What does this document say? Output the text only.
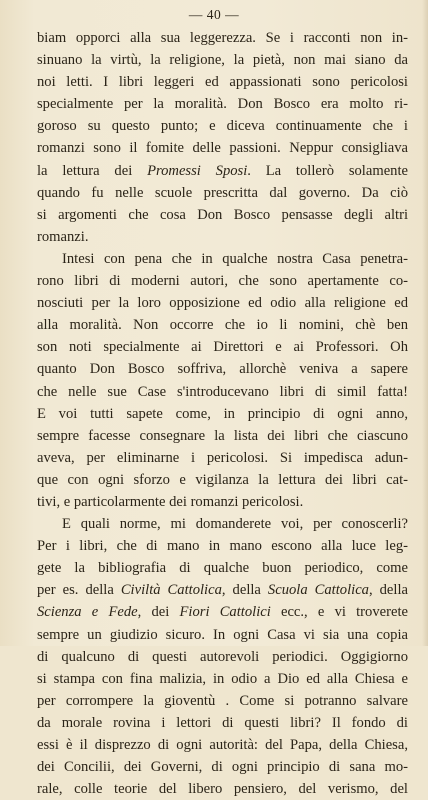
— 40 —
biam opporci alla sua leggerezza. Se i racconti non in-
sinuano la virtù, la religione, la pietà, non mai siano da
noi letti. I libri leggeri ed appassionati sono pericolosi
specialmente per la moralità. Don Bosco era molto ri-
goroso su questo punto; e diceva continuamente che i
romanzi sono il fomite delle passioni. Neppur consigliava
la lettura dei Promessi Sposi. La tollerò solamente
quando fu nelle scuole prescritta dal governo. Da ciò
si argomenti che cosa Don Bosco pensasse degli altri
romanzi.
Intesi con pena che in qualche nostra Casa penetra-
rono libri di moderni autori, che sono apertamente co-
nosciuti per la loro opposizione ed odio alla religione ed
alla moralità. Non occorre che io li nomini, chè ben
son noti specialmente ai Direttori e ai Professori. Oh
quanto Don Bosco soffriva, allorchè veniva a sapere
che nelle sue Case s'introducevano libri di simil fatta!
E voi tutti sapete come, in principio di ogni anno,
sempre facesse consegnare la lista dei libri che ciascuno
aveva, per eliminarne i pericolosi. Si impediscа adun-
que con ogni sforzo e vigilanza la lettura dei libri cat-
tivi, e particolarmente dei romanzi pericolosi.
E quali norme, mi domanderete voi, per conoscerli?
Per i libri, che di mano in mano escono alla luce leg-
gete la bibliografia di qualche buon periodico, come
per es. della Civiltà Cattolica, della Scuola Cattolica, della
Scienza e Fede, dei Fiori Cattolici ecc., e vi troverete
sempre un giudizio sicuro. In ogni Casa vi sia una copia
di qualcuno di questi autorevoli periodici. Oggigiorno
si stampa con fina malizia, in odio a Dio ed alla Chiesa e
per corrompere la gioventù . Come si potranno salvare
da morale rovina i lettori di questi libri? Il fondo di
essi è il disprezzo di ogni autorità: del Papa, della Chiesa,
dei Concilii, dei Governi, di ogni principio di sana mo-
rale, colle teorie del libero pensiero, del verismo, del
